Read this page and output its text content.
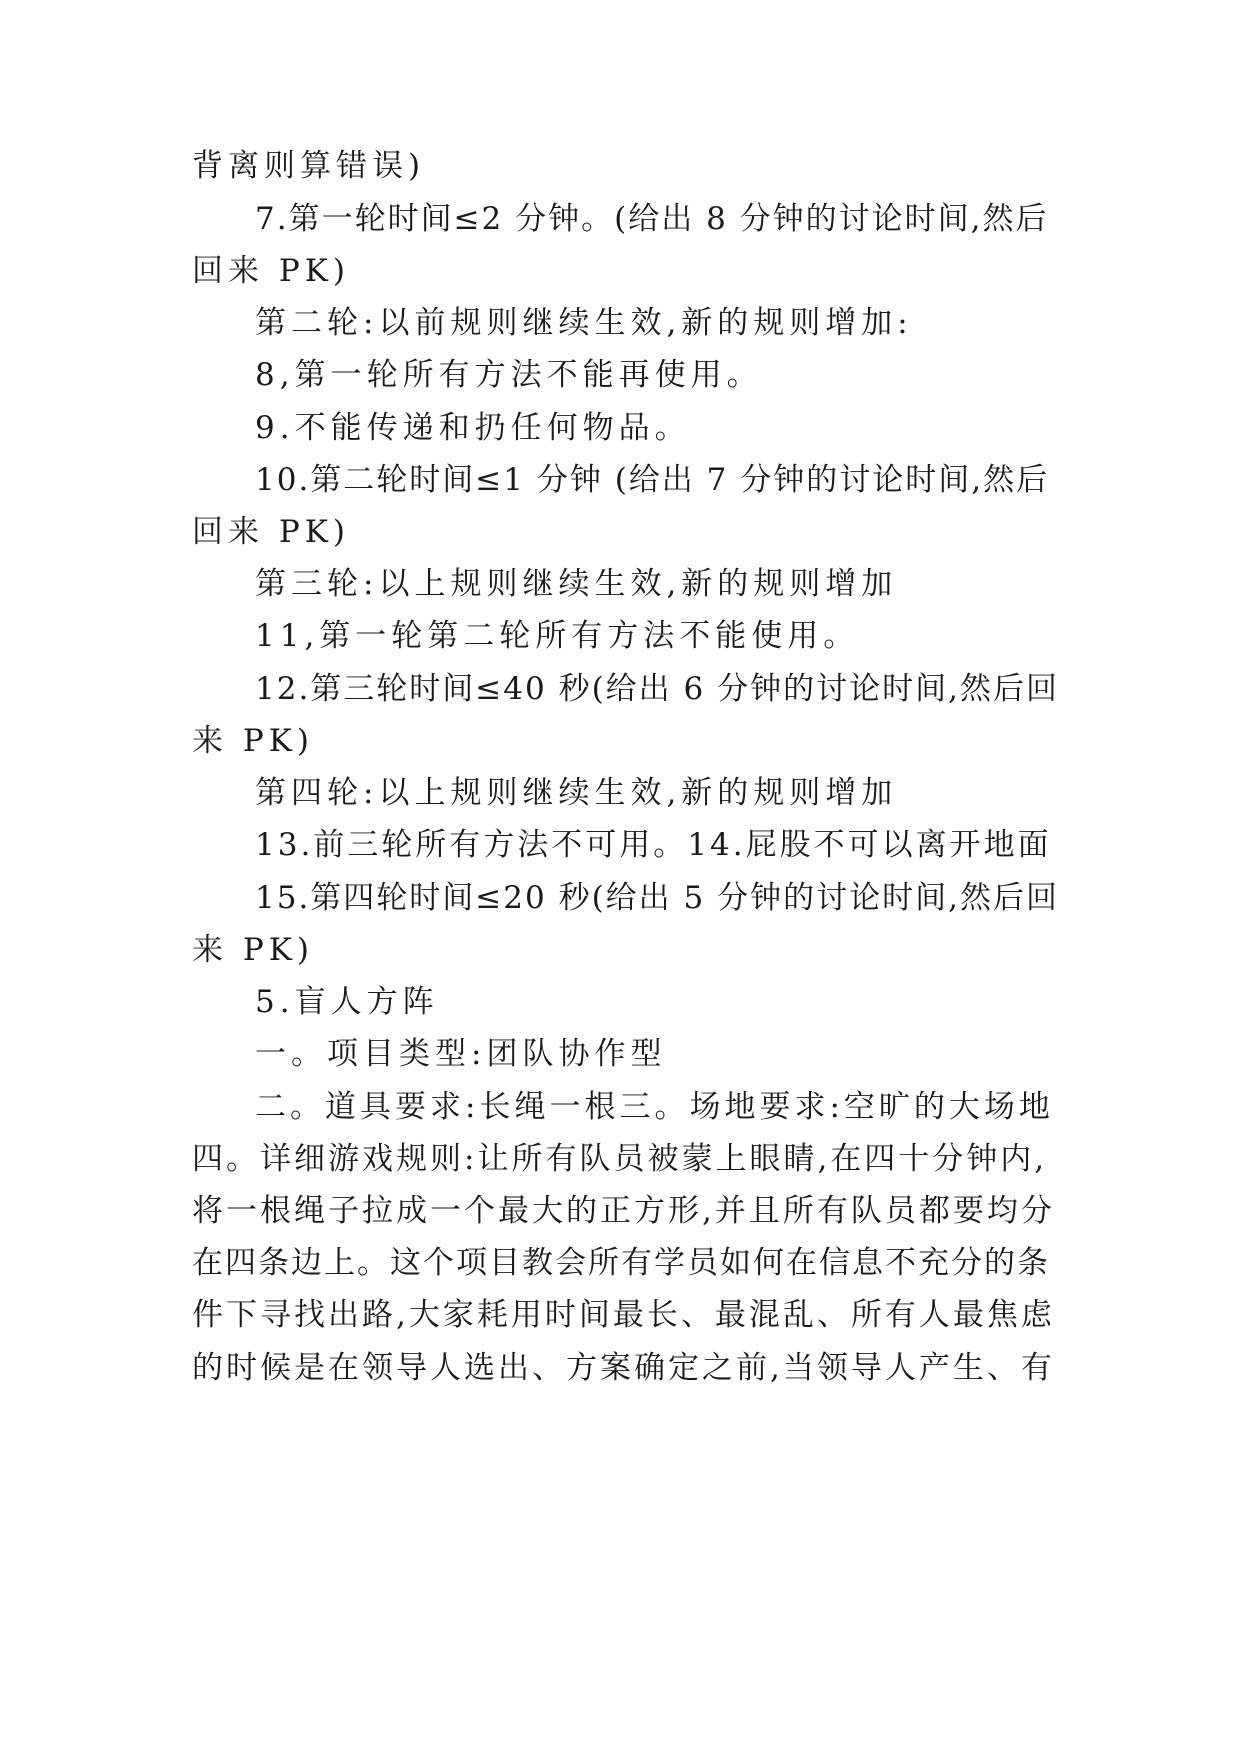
背离则算错误)
7.第一轮时间≤2 分钟。(给出 8 分钟的讨论时间,然后
回来 PK)
第二轮:以前规则继续生效,新的规则增加:
8,第一轮所有方法不能再使用。
9.不能传递和扔任何物品。
10.第二轮时间≤1 分钟 (给出 7 分钟的讨论时间,然后
回来 PK)
第三轮:以上规则继续生效,新的规则增加
11,第一轮第二轮所有方法不能使用。
12.第三轮时间≤40 秒(给出 6 分钟的讨论时间,然后回
来 PK)
第四轮:以上规则继续生效,新的规则增加
13.前三轮所有方法不可用。14.屁股不可以离开地面
15.第四轮时间≤20 秒(给出 5 分钟的讨论时间,然后回
来 PK)
5.盲人方阵
一。项目类型:团队协作型
二。道具要求:长绳一根三。场地要求:空旷的大场地
四。详细游戏规则:让所有队员被蒙上眼睛,在四十分钟内,
将一根绳子拉成一个最大的正方形,并且所有队员都要均分
在四条边上。这个项目教会所有学员如何在信息不充分的条
件下寻找出路,大家耗用时间最长、最混乱、所有人最焦虑
的时候是在领导人选出、方案确定之前,当领导人产生、有
